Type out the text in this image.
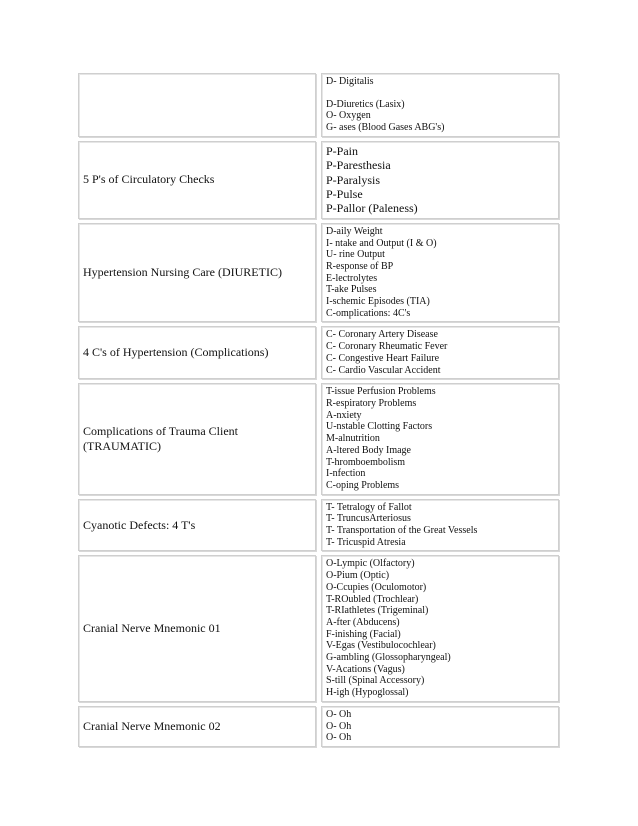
D- Digitalis
D-Diuretics (Lasix)
O- Oxygen
G- ases (Blood Gases ABG's)
5 P's of Circulatory Checks
P-Pain
P-Paresthesia
P-Paralysis
P-Pulse
P-Pallor (Paleness)
Hypertension Nursing Care (DIURETIC)
D-aily Weight
I- ntake and Output (I & O)
U- rine Output
R-esponse of BP
E-lectrolytes
T-ake Pulses
I-schemic Episodes (TIA)
C-omplications: 4C's
4 C's of Hypertension (Complications)
C- Coronary Artery Disease
C- Coronary Rheumatic Fever
C- Congestive Heart Failure
C- Cardio Vascular Accident
Complications of Trauma Client (TRAUMATIC)
T-issue Perfusion Problems
R-espiratory Problems
A-nxiety
U-nstable Clotting Factors
M-alnutrition
A-ltered Body Image
T-hromboembolism
I-nfection
C-oping Problems
Cyanotic Defects: 4 T's
T- Tetralogy of Fallot
T- TruncusArteriosus
T- Transportation of the Great Vessels
T- Tricuspid Atresia
Cranial Nerve Mnemonic 01
O-Lympic (Olfactory)
O-Pium (Optic)
O-Ccupies (Oculomotor)
T-ROubled (Trochlear)
T-RIathletes (Trigeminal)
A-fter (Abducens)
F-inishing (Facial)
V-Egas (Vestibulocochlear)
G-ambling (Glossopharyngeal)
V-Acations (Vagus)
S-till (Spinal Accessory)
H-igh (Hypoglossal)
Cranial Nerve Mnemonic 02
O- Oh
O- Oh
O- Oh
